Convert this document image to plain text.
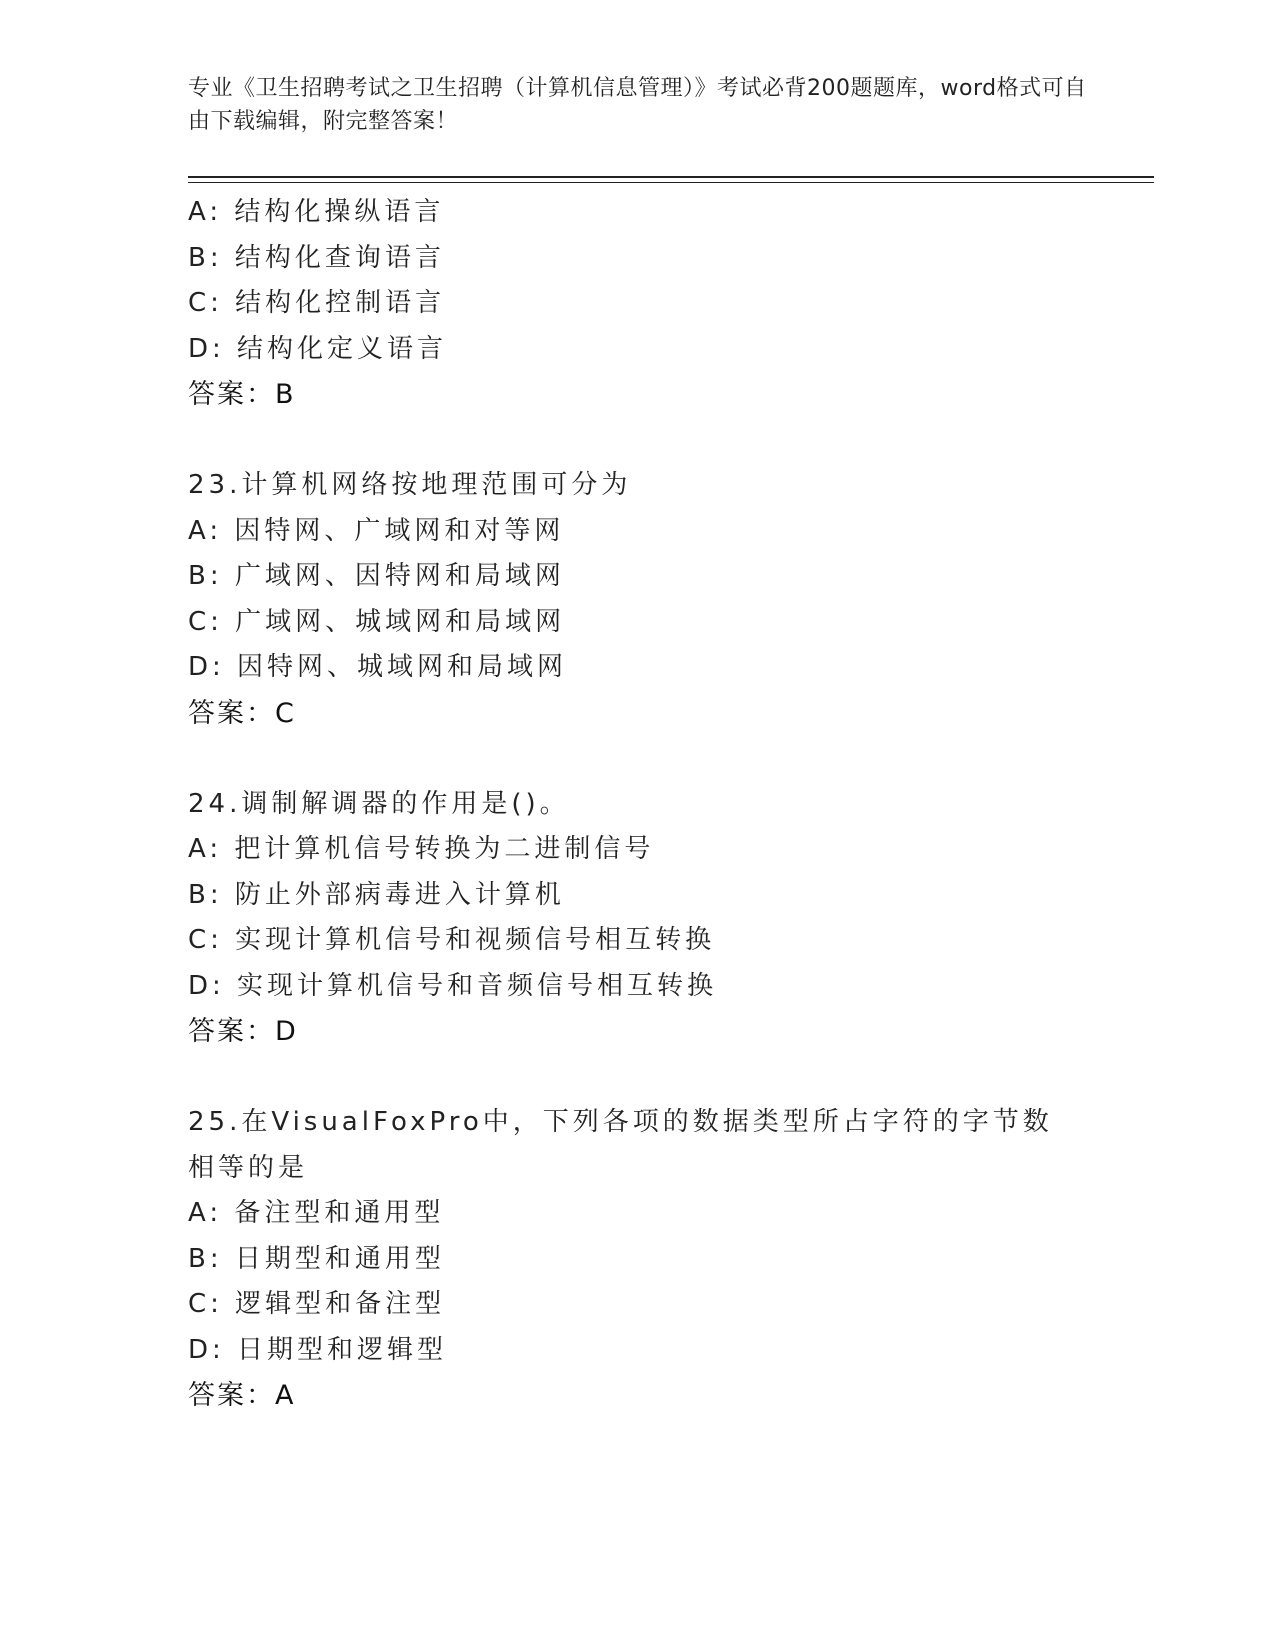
专业《卫生招聘考试之卫生招聘（计算机信息管理）》考试必背200题题库，word格式可自由下载编辑，附完整答案！
A: 结构化操纵语言
B: 结构化查询语言
C: 结构化控制语言
D: 结构化定义语言
答案：B
23.计算机网络按地理范围可分为
A: 因特网、广域网和对等网
B: 广域网、因特网和局域网
C: 广域网、城域网和局域网
D: 因特网、城域网和局域网
答案：C
24.调制解调器的作用是()。
A: 把计算机信号转换为二进制信号
B: 防止外部病毒进入计算机
C: 实现计算机信号和视频信号相互转换
D: 实现计算机信号和音频信号相互转换
答案：D
25.在VisualFoxPro中，下列各项的数据类型所占字符的字节数相等的是
A: 备注型和通用型
B: 日期型和通用型
C: 逻辑型和备注型
D: 日期型和逻辑型
答案：A
